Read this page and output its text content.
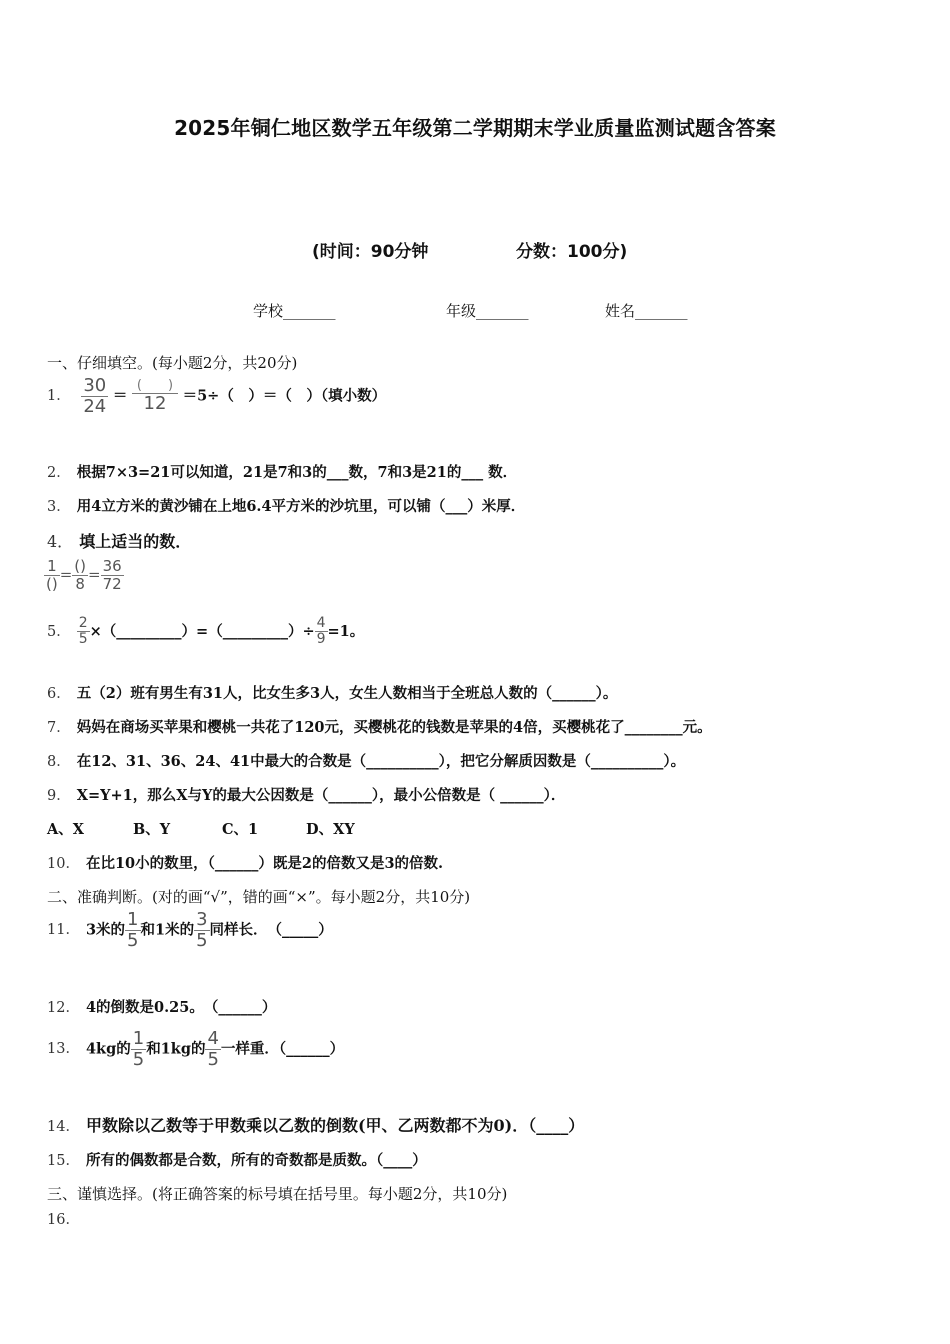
2025年铜仁地区数学五年级第二学期期末学业质量监测试题含答案
(时间：90分钟	分数：100分)
学校_______	年级_______	姓名_______
一、仔细填空。(每小题2分，共20分)
1． $\frac{30}{24} = \frac{( )}{12} =5\div$（　）＝（　）（填小数）
2． 根据7×3=21可以知道，21是7和3的___数，7和3是21的___ 数．
3． 用4立方米的黄沙铺在上地6.4平方米的沙坑里，可以铺（___）米厚．
4． 填上适当的数．
$\frac{1}{()} = \frac{()}{8} = \frac{36}{72}$
5． $\frac{2}{5}$ ×（_________）=（_________）÷ $\frac{4}{9} =1$。
6． 五（2）班有男生有31人，比女生多3人，女生人数相当于全班总人数的（______）。
7． 妈妈在商场买苹果和樱桃一共花了120元，买樱桃花的钱数是苹果的4倍，买樱桃花了________元。
8． 在12、31、36、24、41中最大的合数是（__________），把它分解质因数是（__________）。
9． X=Y+1，那么X与Y的最大公因数是（______），最小公倍数是（ ______）．
A、X	B、Y	C、1	D、XY
10． 在比10小的数里，（______）既是2的倍数又是3的倍数.
二、准确判断。(对的画“√”，错的画“×”。每小题2分，共10分)
11． 3米的 $\frac{1}{5}$ 和1米的 $\frac{3}{5}$ 同样长．　（_____）
12． 4的倒数是0.25。　（______）
13． 4kg的 $\frac{1}{5}$ 和1kg的 $\frac{4}{5}$ 一样重．（______）
14． 甲数除以乙数等于甲数乘以乙数的倒数(甲、乙两数都不为0)．（____）
15． 所有的偶数都是合数，所有的奇数都是质数。（____）
三、谨慎选择。(将正确答案的标号填在括号里。每小题2分，共10分)
16．
